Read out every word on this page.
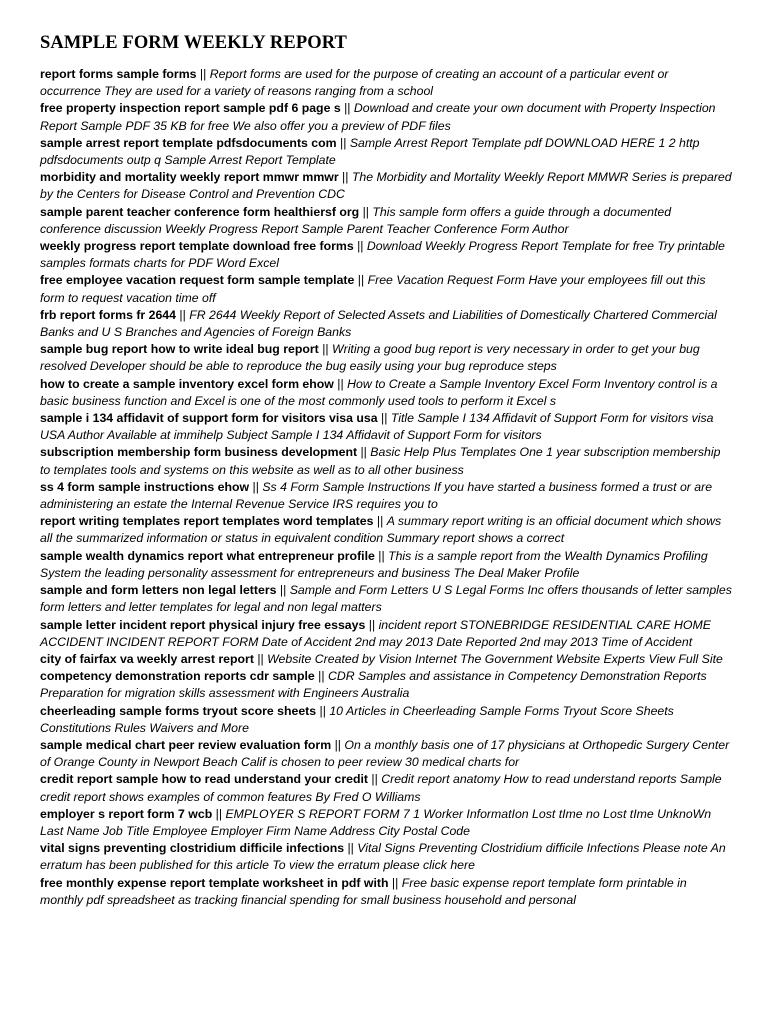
SAMPLE FORM WEEKLY REPORT
report forms sample forms || Report forms are used for the purpose of creating an account of a particular event or occurrence They are used for a variety of reasons ranging from a school
free property inspection report sample pdf 6 page s || Download and create your own document with Property Inspection Report Sample PDF 35 KB for free We also offer you a preview of PDF files
sample arrest report template pdfsdocuments com || Sample Arrest Report Template pdf DOWNLOAD HERE 1 2 http pdfsdocuments outp q Sample Arrest Report Template
morbidity and mortality weekly report mmwr mmwr || The Morbidity and Mortality Weekly Report MMWR Series is prepared by the Centers for Disease Control and Prevention CDC
sample parent teacher conference form healthiersf org || This sample form offers a guide through a documented conference discussion Weekly Progress Report Sample Parent Teacher Conference Form Author
weekly progress report template download free forms || Download Weekly Progress Report Template for free Try printable samples formats charts for PDF Word Excel
free employee vacation request form sample template || Free Vacation Request Form Have your employees fill out this form to request vacation time off
frb report forms fr 2644 || FR 2644 Weekly Report of Selected Assets and Liabilities of Domestically Chartered Commercial Banks and U S Branches and Agencies of Foreign Banks
sample bug report how to write ideal bug report || Writing a good bug report is very necessary in order to get your bug resolved Developer should be able to reproduce the bug easily using your bug reproduce steps
how to create a sample inventory excel form ehow || How to Create a Sample Inventory Excel Form Inventory control is a basic business function and Excel is one of the most commonly used tools to perform it Excel s
sample i 134 affidavit of support form for visitors visa usa || Title Sample I 134 Affidavit of Support Form for visitors visa USA Author Available at immihelp Subject Sample I 134 Affidavit of Support Form for visitors
subscription membership form business development || Basic Help Plus Templates One 1 year subscription membership to templates tools and systems on this website as well as to all other business
ss 4 form sample instructions ehow || Ss 4 Form Sample Instructions If you have started a business formed a trust or are administering an estate the Internal Revenue Service IRS requires you to
report writing templates report templates word templates || A summary report writing is an official document which shows all the summarized information or status in equivalent condition Summary report shows a correct
sample wealth dynamics report what entrepreneur profile || This is a sample report from the Wealth Dynamics Profiling System the leading personality assessment for entrepreneurs and business The Deal Maker Profile
sample and form letters non legal letters || Sample and Form Letters U S Legal Forms Inc offers thousands of letter samples form letters and letter templates for legal and non legal matters
sample letter incident report physical injury free essays || incident report STONEBRIDGE RESIDENTIAL CARE HOME ACCIDENT INCIDENT REPORT FORM Date of Accident 2nd may 2013 Date Reported 2nd may 2013 Time of Accident
city of fairfax va weekly arrest report || Website Created by Vision Internet The Government Website Experts View Full Site
competency demonstration reports cdr sample || CDR Samples and assistance in Competency Demonstration Reports Preparation for migration skills assessment with Engineers Australia
cheerleading sample forms tryout score sheets || 10 Articles in Cheerleading Sample Forms Tryout Score Sheets Constitutions Rules Waivers and More
sample medical chart peer review evaluation form || On a monthly basis one of 17 physicians at Orthopedic Surgery Center of Orange County in Newport Beach Calif is chosen to peer review 30 medical charts for
credit report sample how to read understand your credit || Credit report anatomy How to read understand reports Sample credit report shows examples of common features By Fred O Williams
employer s report form 7 wcb || EMPLOYER S REPORT FORM 7 1 Worker InformatIon Lost tIme no Lost tIme UnknoWn Last Name Job Title Employee Employer Firm Name Address City Postal Code
vital signs preventing clostridium difficile infections || Vital Signs Preventing Clostridium difficile Infections Please note An erratum has been published for this article To view the erratum please click here
free monthly expense report template worksheet in pdf with || Free basic expense report template form printable in monthly pdf spreadsheet as tracking financial spending for small business household and personal
